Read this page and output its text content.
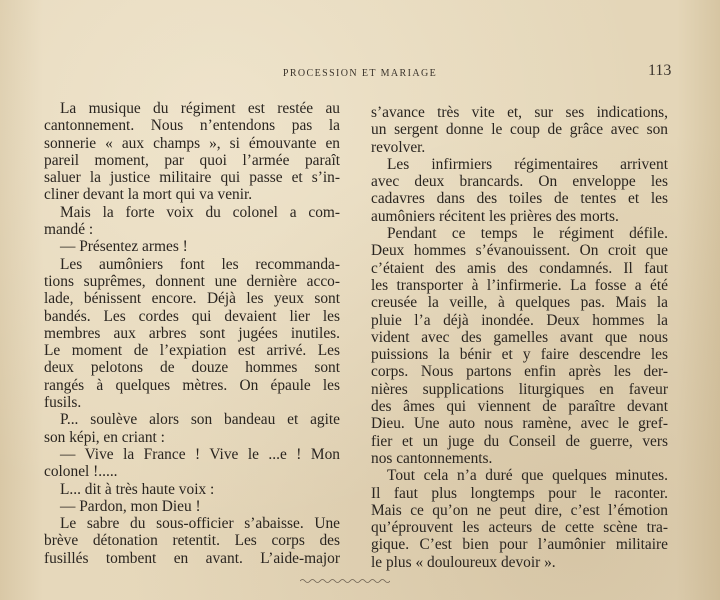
PROCESSION ET MARIAGE	113
La musique du régiment est restée au
cantonnement. Nous n’entendons pas la
sonnerie « aux champs », si émouvante en
pareil moment, par quoi l’armée paraît
saluer la justice militaire qui passe et s’in-
cliner devant la mort qui va venir.
Mais la forte voix du colonel a com-
mandé :
— Présentez armes !
Les aumôniers font les recommanda-
tions suprêmes, donnent une dernière acco-
lade, bénissent encore. Déjà les yeux sont
bandés. Les cordes qui devaient lier les
membres aux arbres sont jugées inutiles.
Le moment de l’expiation est arrivé. Les
deux pelotons de douze hommes sont
rangés à quelques mètres. On épaule les
fusils.
P... soulève alors son bandeau et agite
son képi, en criant :
— Vive la France ! Vive le ...e ! Mon
colonel !.....
L... dit à très haute voix :
— Pardon, mon Dieu !
Le sabre du sous-officier s’abaisse. Une
brève détonation retentit. Les corps des
fusillés tombent en avant. L’aide-major
s’avance très vite et, sur ses indications,
un sergent donne le coup de grâce avec son
revolver.
Les infirmiers régimentaires arrivent
avec deux brancards. On enveloppe les
cadavres dans des toiles de tentes et les
aumôniers récitent les prières des morts.
Pendant ce temps le régiment défile.
Deux hommes s’évanouissent. On croit que
c’étaient des amis des condamnés. Il faut
les transporter à l’infirmerie. La fosse a été
creusée la veille, à quelques pas. Mais la
pluie l’a déjà inondée. Deux hommes la
vident avec des gamelles avant que nous
puissions la bénir et y faire descendre les
corps. Nous partons enfin après les der-
nières supplications liturgiques en faveur
des âmes qui viennent de paraître devant
Dieu. Une auto nous ramène, avec le gref-
fier et un juge du Conseil de guerre, vers
nos cantonnements.
Tout cela n’a duré que quelques minutes.
Il faut plus longtemps pour le raconter.
Mais ce qu’on ne peut dire, c’est l’émotion
qu’éprouvent les acteurs de cette scène tra-
gique. C’est bien pour l’aumônier militaire
le plus « douloureux devoir ».
